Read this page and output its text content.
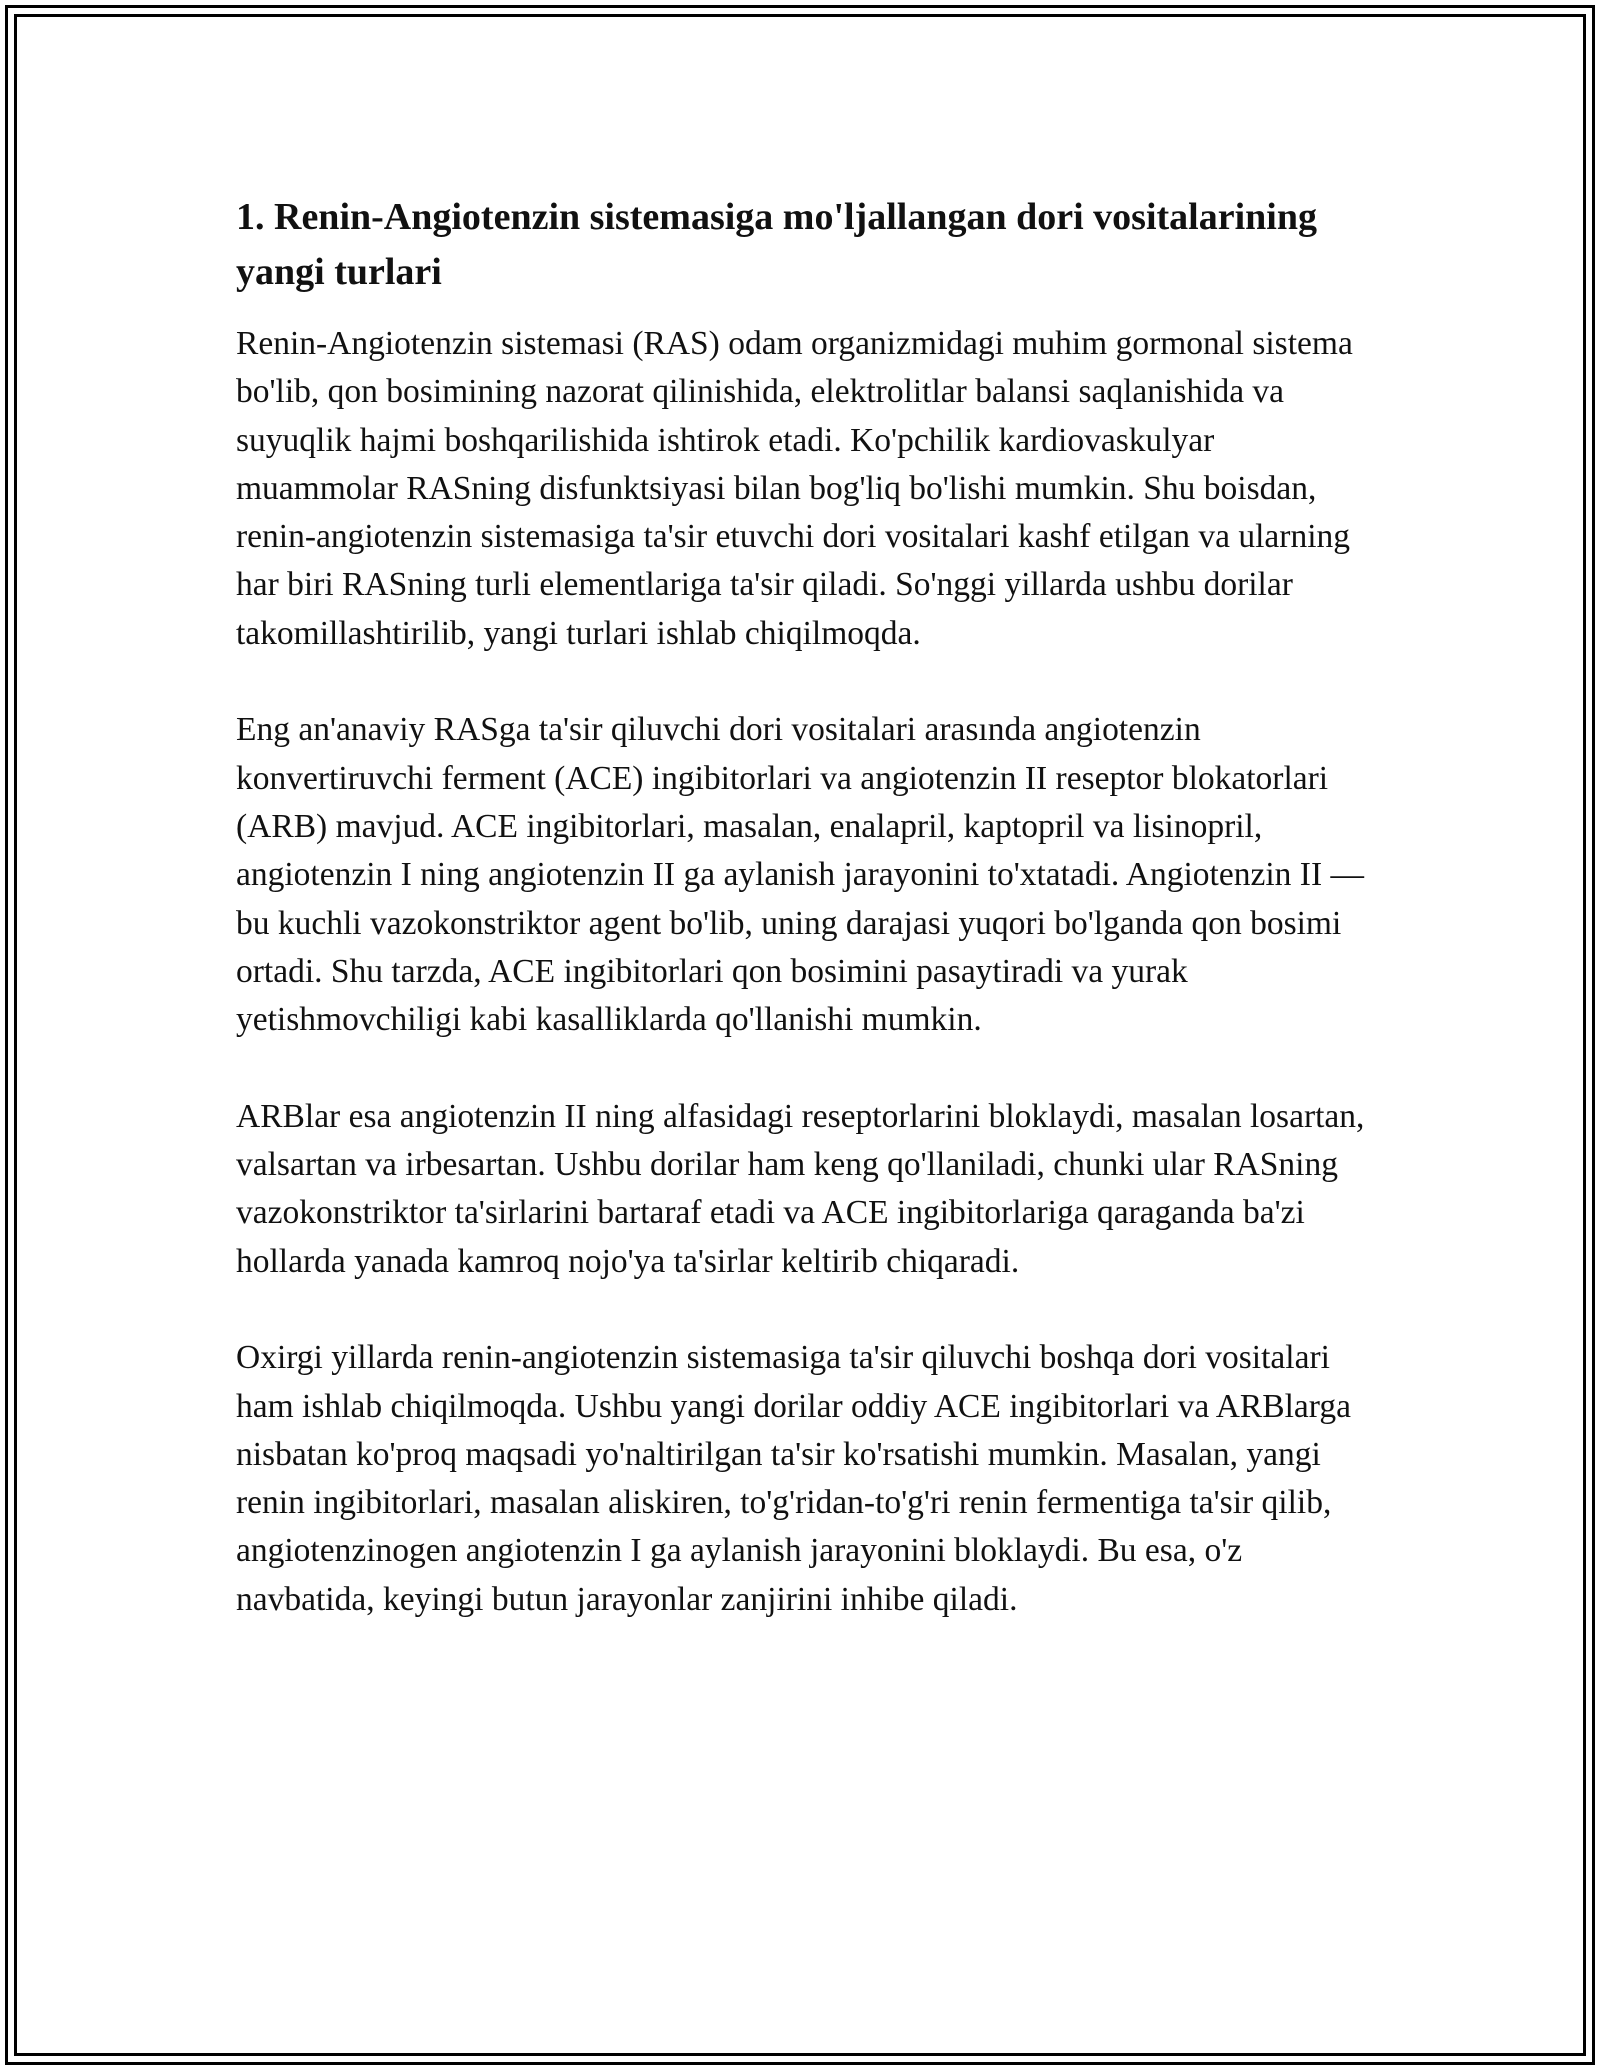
1. Renin-Angiotenzin sistemasiga mo'ljallangan dori vositalarining yangi turlari

Renin-Angiotenzin sistemasi (RAS) odam organizmidagi muhim gormonal sistema bo'lib, qon bosimining nazorat qilinishida, elektrolitlar balansi saqlanishida va suyuqlik hajmi boshqarilishida ishtirok etadi. Ko'pchilik kardiovaskulyar muammolar RASning disfunktsiyasi bilan bog'liq bo'lishi mumkin. Shu boisdan, renin-angiotenzin sistemasiga ta'sir etuvchi dori vositalari kashf etilgan va ularning har biri RASning turli elementlariga ta'sir qiladi. So'nggi yillarda ushbu dorilar takomillashtirilib, yangi turlari ishlab chiqilmoqda.

Eng an'anaviy RASga ta'sir qiluvchi dori vositalari arasında angiotenzin konvertiruvchi ferment (ACE) ingibitorlari va angiotenzin II reseptor blokatorlari (ARB) mavjud. ACE ingibitorlari, masalan, enalapril, kaptopril va lisinopril, angiotenzin I ning angiotenzin II ga aylanish jarayonini to'xtatadi. Angiotenzin II — bu kuchli vazokonstriktor agent bo'lib, uning darajasi yuqori bo'lganda qon bosimi ortadi. Shu tarzda, ACE ingibitorlari qon bosimini pasaytiradi va yurak yetishmovchiligi kabi kasalliklarda qo'llanishi mumkin.

ARBlar esa angiotenzin II ning alfasidagi reseptorlarini bloklaydi, masalan losartan, valsartan va irbesartan. Ushbu dorilar ham keng qo'llaniladi, chunki ular RASning vazokonstriktor ta'sirlarini bartaraf etadi va ACE ingibitorlariga qaraganda ba'zi hollarda yanada kamroq nojo'ya ta'sirlar keltirib chiqaradi.

Oxirgi yillarda renin-angiotenzin sistemasiga ta'sir qiluvchi boshqa dori vositalari ham ishlab chiqilmoqda. Ushbu yangi dorilar oddiy ACE ingibitorlari va ARBlarga nisbatan ko'proq maqsadi yo'naltirilgan ta'sir ko'rsatishi mumkin. Masalan, yangi renin ingibitorlari, masalan aliskiren, to'g'ridan-to'g'ri renin fermentiga ta'sir qilib, angiotenzinogen angiotenzin I ga aylanish jarayonini bloklaydi. Bu esa, o'z navbatida, keyingi butun jarayonlar zanjirini inhibe qiladi.
